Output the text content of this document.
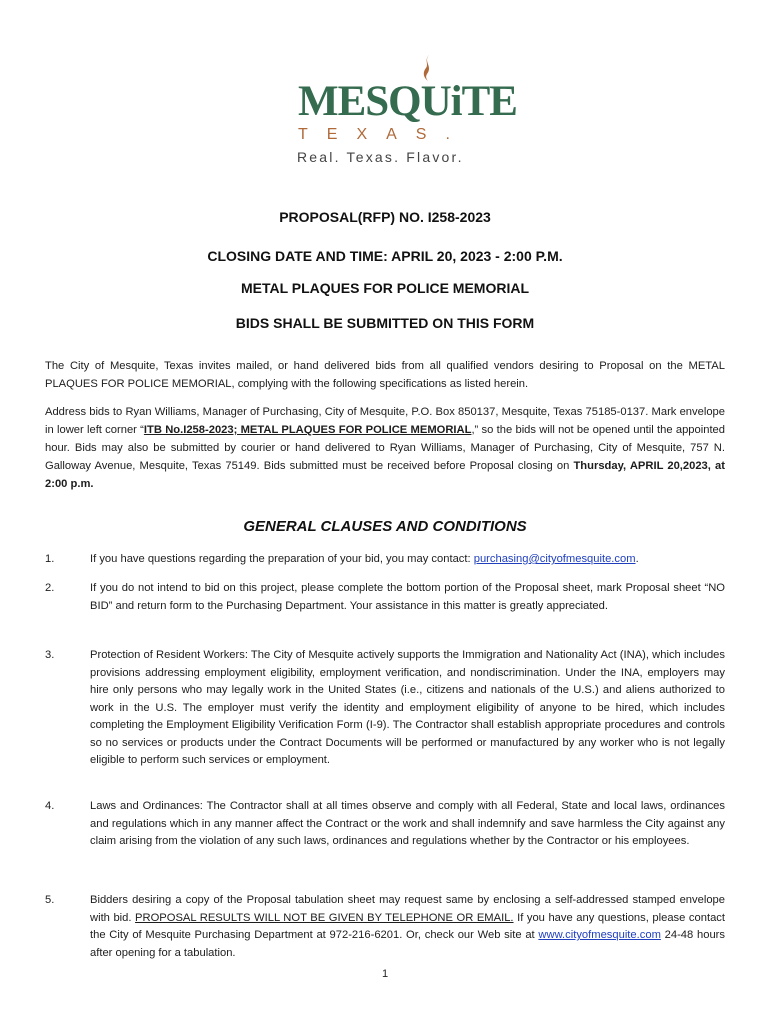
MESQUiTE
TEXAS.
Real. Texas. Flavor.
PROPOSAL(RFP) NO. I258-2023
CLOSING DATE AND TIME: APRIL 20, 2023 - 2:00 P.M.
METAL PLAQUES FOR POLICE MEMORIAL
BIDS SHALL BE SUBMITTED ON THIS FORM
The City of Mesquite, Texas invites mailed, or hand delivered bids from all qualified vendors desiring to Proposal on the METAL PLAQUES FOR POLICE MEMORIAL, complying with the following specifications as listed herein.
Address bids to Ryan Williams, Manager of Purchasing, City of Mesquite, P.O. Box 850137, Mesquite, Texas 75185-0137. Mark envelope in lower left corner “ITB No.I258-2023; METAL PLAQUES FOR POLICE MEMORIAL,” so the bids will not be opened until the appointed hour. Bids may also be submitted by courier or hand delivered to Ryan Williams, Manager of Purchasing, City of Mesquite, 757 N. Galloway Avenue, Mesquite, Texas 75149. Bids submitted must be received before Proposal closing on Thursday, APRIL 20,2023, at 2:00 p.m.
GENERAL CLAUSES AND CONDITIONS
1.	If you have questions regarding the preparation of your bid, you may contact: purchasing@cityofmesquite.com.
2.	If you do not intend to bid on this project, please complete the bottom portion of the Proposal sheet, mark Proposal sheet “NO BID” and return form to the Purchasing Department. Your assistance in this matter is greatly appreciated.
3.	Protection of Resident Workers: The City of Mesquite actively supports the Immigration and Nationality Act (INA), which includes provisions addressing employment eligibility, employment verification, and nondiscrimination. Under the INA, employers may hire only persons who may legally work in the United States (i.e., citizens and nationals of the U.S.) and aliens authorized to work in the U.S. The employer must verify the identity and employment eligibility of anyone to be hired, which includes completing the Employment Eligibility Verification Form (I-9). The Contractor shall establish appropriate procedures and controls so no services or products under the Contract Documents will be performed or manufactured by any worker who is not legally eligible to perform such services or employment.
4.	Laws and Ordinances: The Contractor shall at all times observe and comply with all Federal, State and local laws, ordinances and regulations which in any manner affect the Contract or the work and shall indemnify and save harmless the City against any claim arising from the violation of any such laws, ordinances and regulations whether by the Contractor or his employees.
5.	Bidders desiring a copy of the Proposal tabulation sheet may request same by enclosing a self-addressed stamped envelope with bid. PROPOSAL RESULTS WILL NOT BE GIVEN BY TELEPHONE OR EMAIL. If you have any questions, please contact the City of Mesquite Purchasing Department at 972-216-6201. Or, check our Web site at www.cityofmesquite.com 24-48 hours after opening for a tabulation.
1
